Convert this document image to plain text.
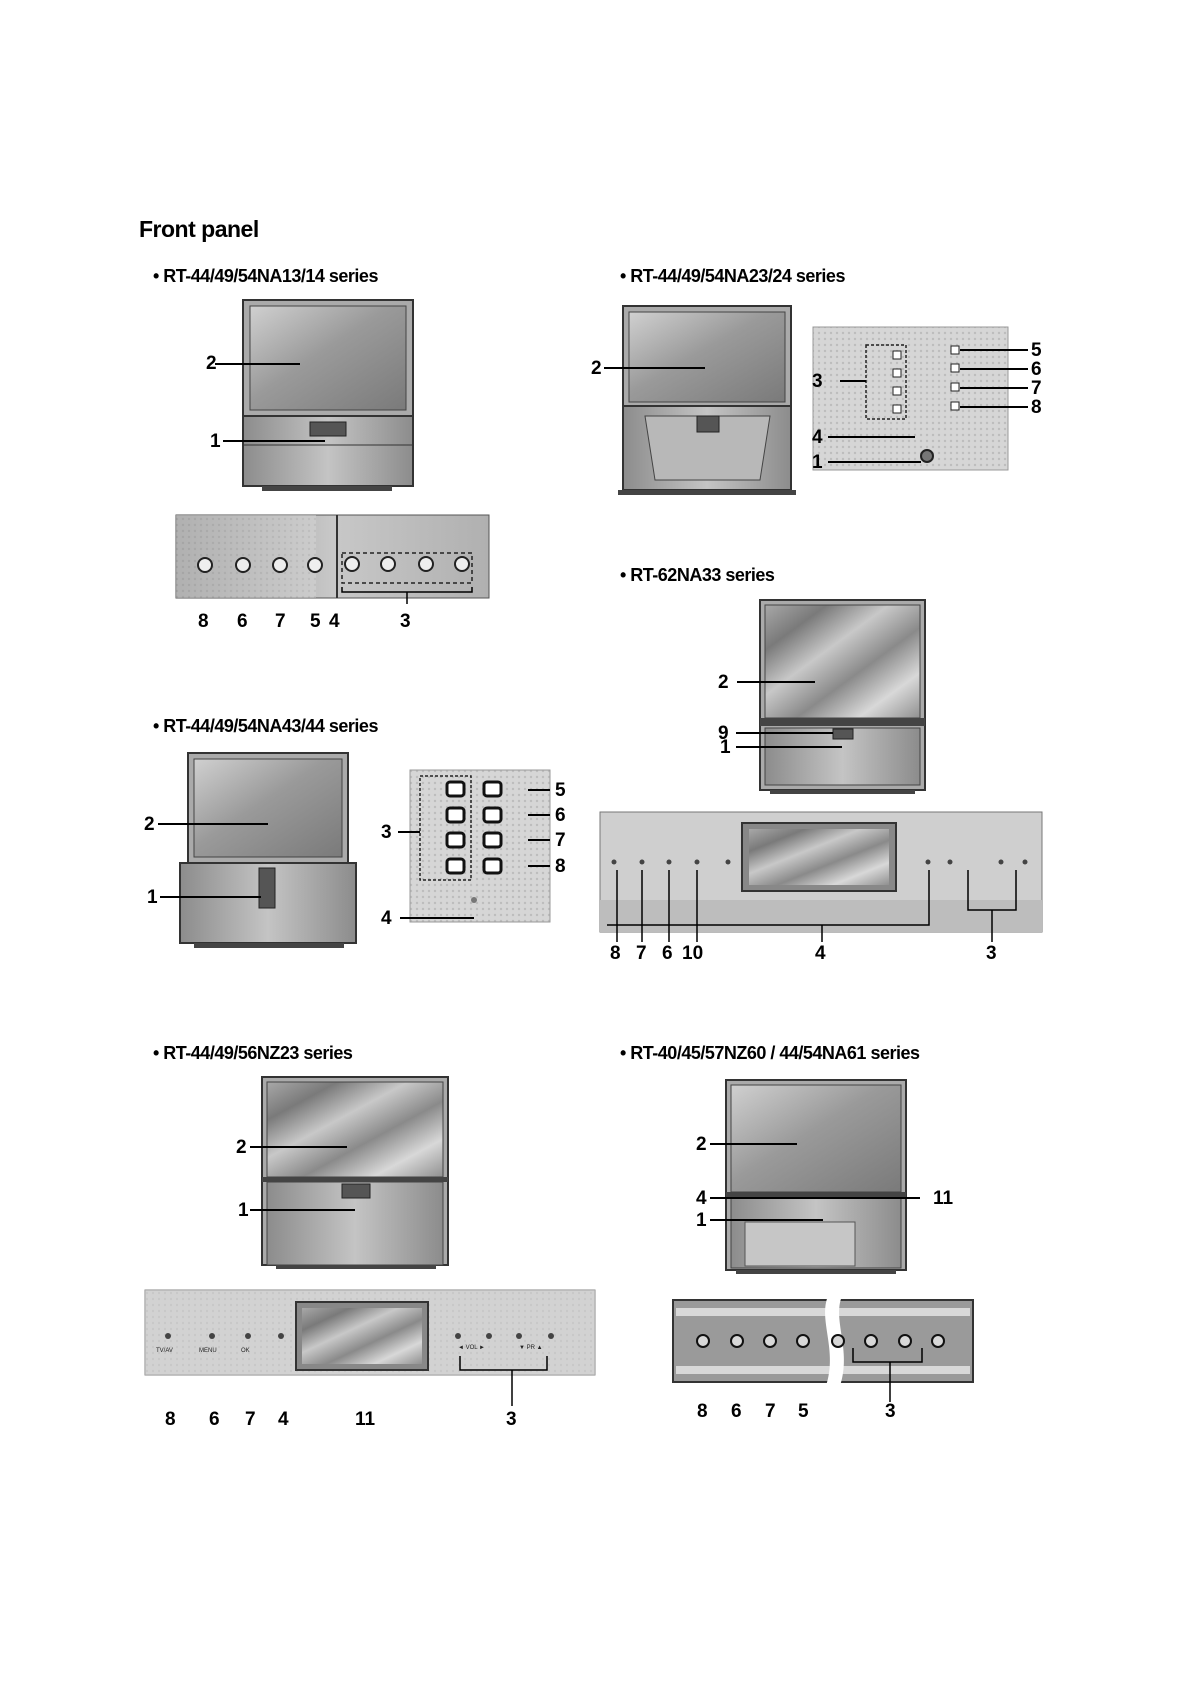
Front panel
• RT-44/49/54NA13/14 series	• RT-44/49/54NA23/24 series
• RT-62NA33 series
• RT-44/49/54NA43/44 series
• RT-44/49/56NZ23 series	• RT-40/45/57NZ60 / 44/54NA61 series
TV/AV	MENU	OK	◄ VOL ►	▼ PR ▲
2
1
8 6 7 5 4	3
2
3
5
6
7
8
4
1
2
9
1
8 7 6 10	4	3
2
1
3
5
6
7
8
4
2
1
8 6 7 4	11	3
2
4	11
1
8 6 7 5	3
